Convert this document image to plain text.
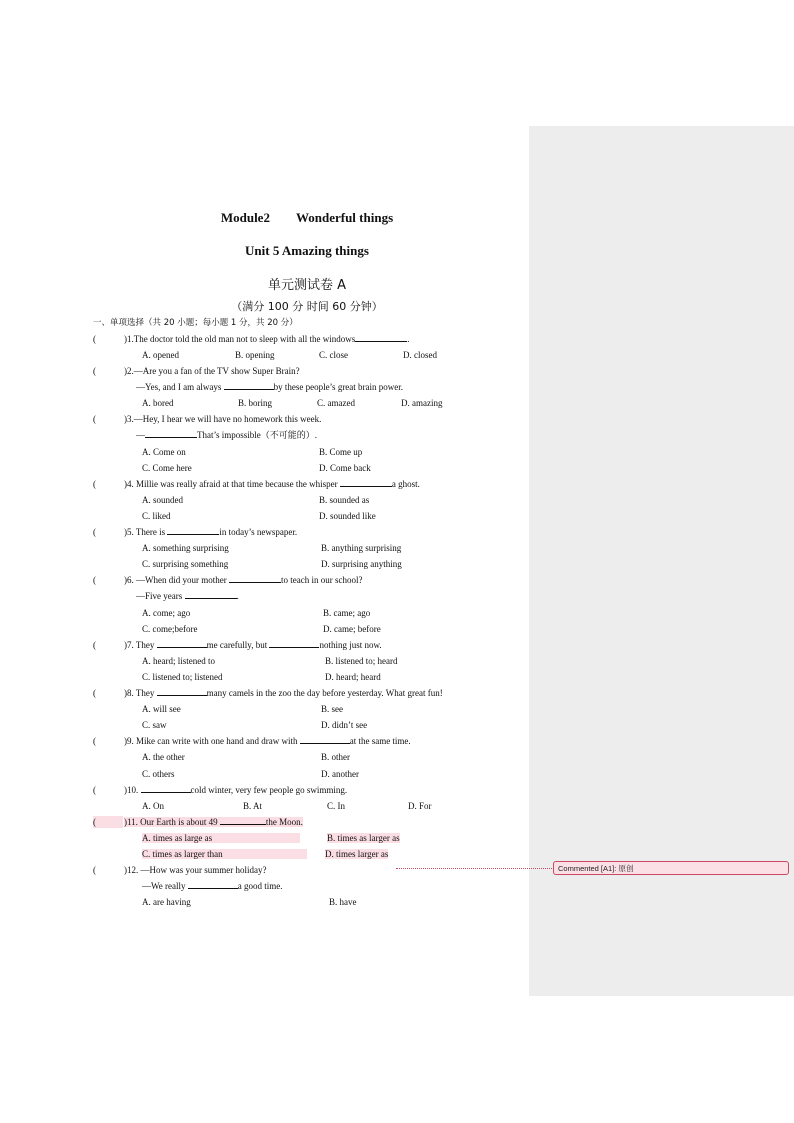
Commented [A1]: 原创
Module2 Wonderful things
Unit 5 Amazing things
单元测试卷 A
（满分 100 分 时间 60 分钟）
一、单项选择（共 20 小题；每小题 1 分，共 20 分）
(	)1.The doctor told the old man not to sleep with all the windows	.
A. opened	B. opening	C. close	D. closed
(	)2.—Are you a fan of the TV show Super Brain?
—Yes, and I am always	by these people’s great brain power.
A. bored	B. boring	C. amazed	D. amazing
(	)3.—Hey, I hear we will have no homework this week.
—	That’s impossible（不可能的）.
A. Come on	B. Come up
C. Come here	D. Come back
(	)4. Millie was really afraid at that time because the whisper	a ghost.
A. sounded	B. sounded as
C. liked	D. sounded like
(	)5. There is	in today’s newspaper.
A. something surprising	B. anything surprising
C. surprising something	D. surprising anything
(	)6. —When did your mother	to teach in our school?
—Five years	.
A. come; ago	B. came; ago
C. come;before	D. came; before
(	)7. They	me carefully, but	nothing just now.
A. heard; listened to	B. listened to; heard
C. listened to; listened	D. heard; heard
(	)8. They	many camels in the zoo the day before yesterday. What great fun!
A. will see	B. see
C. saw	D. didn’t see
(	)9. Mike can write with one hand and draw with	at the same time.
A. the other	B. other
C. others	D. another
(	)10.	cold winter, very few people go swimming.
A. On	B. At	C. In	D. For
(	)11. Our Earth is about 49	the Moon.
A. times as large as	B. times as larger as
C. times as larger than	D. times larger as
(	)12. —How was your summer holiday?
—We really	a good time.
A. are having	B. have
